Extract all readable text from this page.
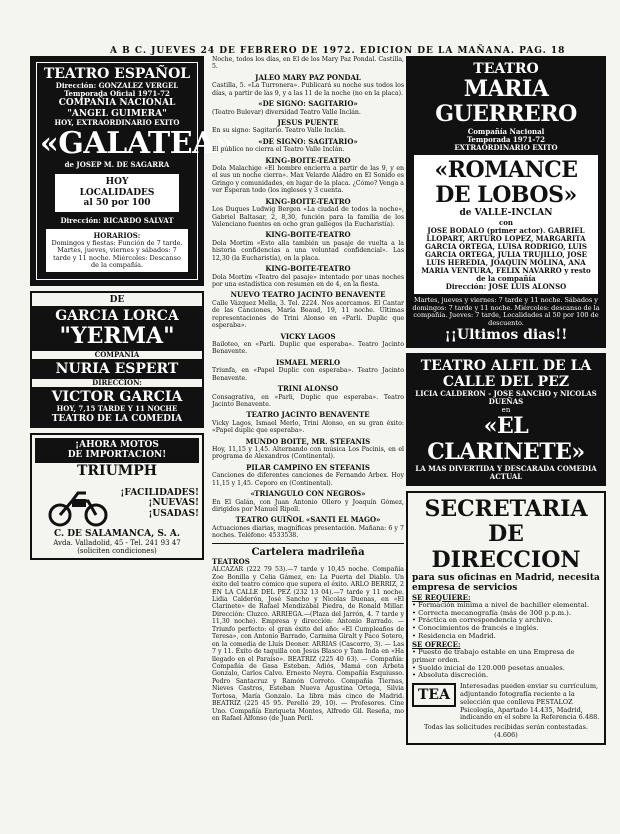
A B C. JUEVES 24 DE FEBRERO DE 1972. EDICION DE LA MAÑANA. PAG. 18
TEATRO ESPAÑOL
Dirección: GONZALEZ VERGEL
Temporada Oficial 1971-72
COMPAÑIA NACIONAL
"ANGEL GUIMERA"
HOY, EXTRAORDINARIO EXITO
«GALATEA»
de JOSEP M. DE SAGARRA
HOY
LOCALIDADES
al 50 por 100
Dirección: RICARDO SALVAT
HORARIOS:
Domingos y fiestas: Función de 7 tarde. Martes, jueves, viernes y sábados: 7 tarde y 11 noche. Miércoles: Descanso de la compañía.
DE
GARCIA LORCA
"YERMA"
COMPAÑIA
NURIA ESPERT
DIRECCION:
VICTOR GARCIA
HOY, 7,15 TARDE Y 11 NOCHE
TEATRO DE LA COMEDIA
¡AHORA MOTOS
DE IMPORTACION!
TRIUMPH
¡FACILIDADES!
¡NUEVAS!
¡USADAS!
C. DE SALAMANCA, S. A.
Avda. Valladolid, 45 - Tel. 241 93 47
(soliciten condiciones)
Noche, todos los días, en El de los Mary Paz Pondal. Castilla, 5.
JALEO MARY PAZ PONDAL
Castilla, 5. «La Turronera». Publicará su noche sus todos los días, a partir de las 9, y a las 11 de la noche (no en la placa).
«DE SIGNO: SAGITARIO»
(Teatro Bulevar) diversidad Teatro Valle Inclán.
JESUS PUENTE
En su signo: Sagitario. Teatro Valle Inclán.
«DE SIGNO: SAGITARIO»
El público no cierra el Teatro Valle Inclán.
KING-BOITE-TEATRO
Dola Malachige «El hombre encierra a partir de las 9, y en el sus un noche cierra». Max Velarde Aladro en El Sonido es Gringo y comunidades, en lugar de la placa. ¿Cómo? Venga a ver Esperan todo (los ingleses y 3 cuenta.
KING-BOITE-TEATRO
Los Duques Ludwig Bergen «La ciudad de todos la noche», Gabriel Baltasar, 2, 8,30, función para la familia de los Valenciano fuentes en ocho gran gallegos (la Eucharistía).
KING-BOITE-TEATRO
Dola Mortim «Esto alla también un pasaje de vuelta a la historia confidencias a una voluntad confidencial». Las 12,30 (la Eucharistía), en la placa.
KING-BOITE-TEATRO
Dola Mortim «Teatro del pasaje» intentado por unas noches por una estadística con resumen en de 4, en la fiesta.
NUEVO TEATRO JACINTO BENAVENTE
Calle Vázquez Mella, 3. Tel. 2224. Nos acercamos. El Cantar de las Canciones, María Beaud, 19, 11 noche. Últimas representaciones de Trini Alonso en «Parli. Duplic que esperaba».
VICKY LAGOS
Bailoteo, en «Parli. Duplic que esperaba». Teatro Jacinto Benavente.
ISMAEL MERLO
Triunfa, en «Papel Duplic con esperaba». Teatro Jacinto Benavente.
TRINI ALONSO
Consagrativa, en «Parli, Duplic que esperaba». Teatro Jacinto Benavente.
TEATRO JACINTO BENAVENTE
Vicky Lagos, Ismael Merlo, Trini Alonso, en su gran éxito: «Papel duplic que esperaba».
MUNDO BOITE, MR. STEFANIS
Hoy, 11,15 y 1,45. Alternando con música Los Pacinis, en el programa de Alexandros (Continental).
PILAR CAMPINO EN STEFANIS
Canciones de diferentes canciones de Fernando Arbex. Hoy 11,15 y 1,45. Ceporo en (Continental).
«TRIANGULO CON NEGROS»
En El Galán, con Juan Antonio Ollero y Joaquín Gómez, dirigidos por Manuel Ripoll.
TEATRO GUIÑOL «SANTI EL MAGO»
Actuaciones diarias, magníficas presentación. Mañana: 6 y 7 noches. Teléfono: 4533538.
Cartelera madrileña
TEATROS

ALCAZAR (222 79 53).—7 tarde y 10,45 noche. Compañía Zoe Bonilla y Celia Gámez, en: La Puerta del Diablo. Un éxito del teatro cómico que supera el éxito. ARLO BERRIZ, 2 EN LA CALLE DEL PEZ (232 13 04).—7 tarde y 11 noche. Lidia Calderón, José Sancho y Nicolas Duenas, en «El Clarinete» de Rafael Mendizábal Piedra, de Ronald Millar. Dirección: Cluzco. ARRIEGA.—(Plaza del Jarrón, 4. 7 tarde y 11,30 noche). Empresa y dirección: Antonio Barrado. — Triunfo perfecto: el gran éxito del año: «El Cumpleaños de Teresa», con Antonio Barrado, Carmina Giralt y Paco Sotero, en la comedia de Lluís Deoner. ARRIAS (Cascorro, 3). — Las 7 y 11. Éxito de taquilla con Jesús Blasco y Tam Inda en «Ha llegado en el Paraíso». BEATRIZ (225 40 63). — Compañía: Compañía de Gasa Esteban. Adiós, Mamá con Arbeta Gonzalo, Carlos Calvo. Ernesto Neyra. Compañía Esquiusso. Pedro Santacruz y Ramón Corroto. Compañía Tiernas, Nieves Castros, Esteban Nueva Agustina Ortega, Silvia Tortosa, María Gonzalo. La libra más cinco de Madrid. BEATRIZ (225 45 95. Perelló 29, 10). — Profesores. Cine Uno. Compañía Enriqueta Montes, Alfredo Gil. Reseña, mo en Rafael Alfonso (de Juan Peril.

TEATRO
MARIA GUERRERO
Compañía Nacional
Temporada 1971-72
EXTRAORDINARIO EXITO
«ROMANCE
DE LOBOS»
de VALLE-INCLAN
con
JOSE BODALO (primer actor). GABRIEL LLOPART, ARTURO LOPEZ, MARGARITA GARCIA ORTEGA, LUISA RODRIGO, LUIS GARCIA ORTEGA, JULIA TRUJILLO, JOSE LUIS HEREDIA, JOAQUIN MOLINA, ANA MARIA VENTURA, FELIX NAVARRO y resto de la compañía
Dirección: JOSE LUIS ALONSO
Martes, jueves y viernes: 7 tarde y 11 noche. Sábados y domingos: 7 tarde y 11 noche. Miércoles: descanso de la compañía. Jueves: 7 tarde, Localidades al 50 por 100 de descuento.
¡¡Ultimos dias!!
TEATRO ALFIL DE LA
CALLE DEL PEZ
LICIA CALDERON - JOSE SANCHO y NICOLAS DUEÑAS
en
«EL CLARINETE»
LA MAS DIVERTIDA Y DESCARADA COMEDIA ACTUAL
SECRETARIA
DE DIRECCION
para sus oficinas en Madrid, necesita empresa de servicios
SE REQUIERE:
• Formación mínima a nivel de bachiller elemental.
• Correcta mecanografía (más de 300 p.p.m.).
• Práctica en correspondencia y archivo.
• Conocimientos de francés e inglés.
• Residencia en Madrid.
SE OFRECE:
• Puesto de trabajo estable en una Empresa de primer orden.
• Sueldo inicial de 120.000 pesetas anuales.
• Absoluta discreción.
TEA
Interesadas pueden enviar su currículum, adjuntando fotografía reciente a la selección que conlleva PESTALOZ Psicología, Apartado 14.435, Madrid, indicando en el sobre la Referencia 6.488.
Todas las solicitudes recibidas serán contestadas. (4.606)
